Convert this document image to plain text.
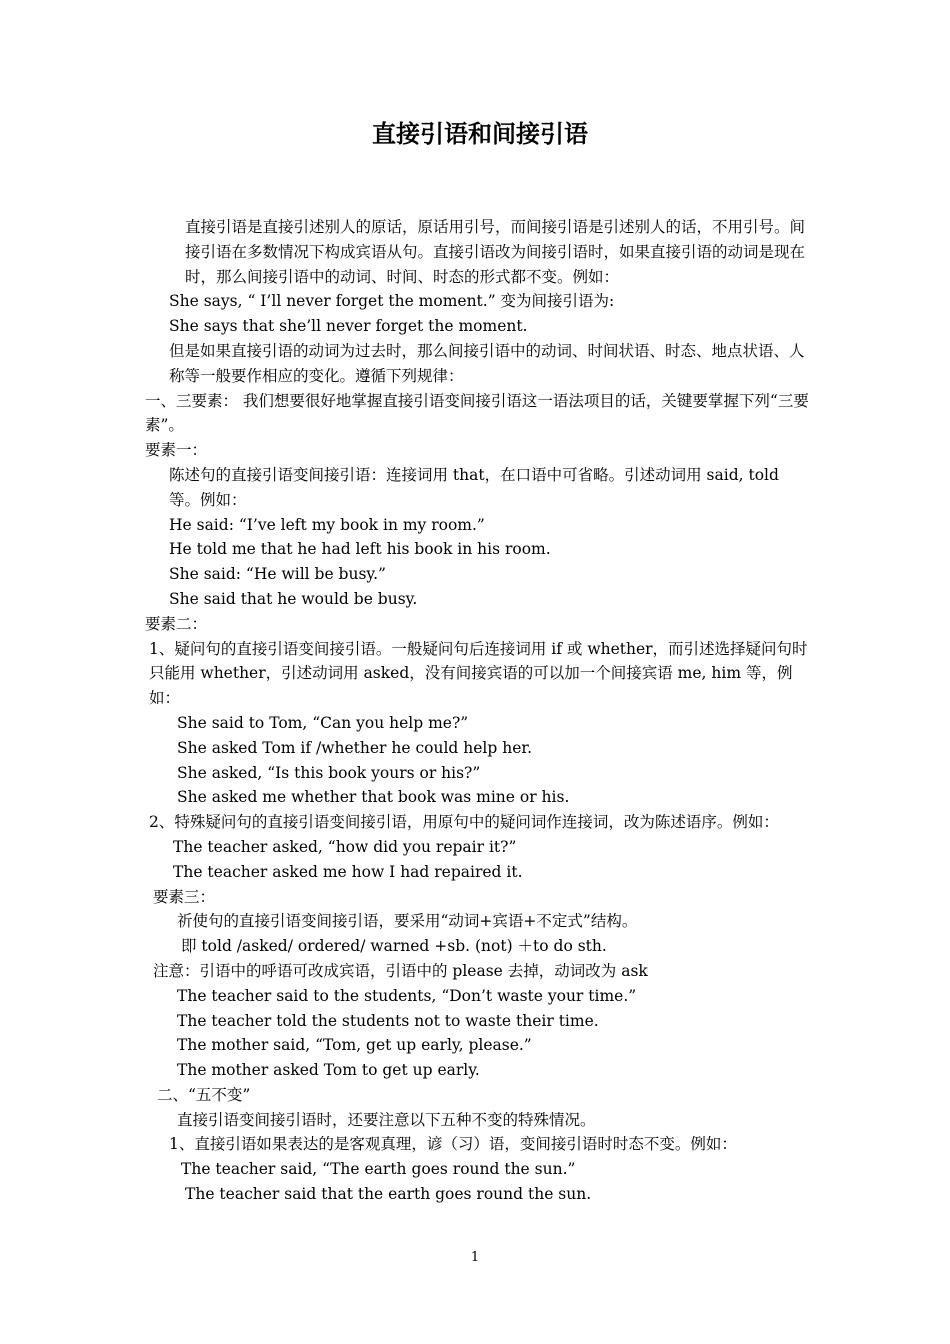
直接引语和间接引语
直接引语是直接引述别人的原话，原话用引号，而间接引语是引述别人的话，不用引号。间接引语在多数情况下构成宾语从句。直接引语改为间接引语时，如果直接引语的动词是现在时，那么间接引语中的动词、时间、时态的形式都不变。例如：
She says, “ I’ll never forget the moment.” 变为间接引语为:
She says that she’ll never forget the moment.
但是如果直接引语的动词为过去时，那么间接引语中的动词、时间状语、时态、地点状语、人称等一般要作相应的变化。遵循下列规律：
一、三要素： 我们想要很好地掌握直接引语变间接引语这一语法项目的话，关键要掌握下列“三要素”。
要素一：
陈述句的直接引语变间接引语：连接词用 that，在口语中可省略。引述动词用 said, told 等。例如：
He said: “I’ve left my book in my room.”
He told me that he had left his book in his room.
She said: “He will be busy.”
She said that he would be busy.
要素二：
1、疑问句的直接引语变间接引语。一般疑问句后连接词用 if 或 whether，而引述选择疑问句时只能用 whether，引述动词用 asked，没有间接宾语的可以加一个间接宾语 me, him 等，例如：
She said to Tom, “Can you help me?”
She asked Tom if /whether he could help her.
She asked, “Is this book yours or his?”
She asked me whether that book was mine or his.
2、特殊疑问句的直接引语变间接引语，用原句中的疑问词作连接词，改为陈述语序。例如：
The teacher asked, “how did you repair it?”
The teacher asked me how I had repaired it.
要素三：
祈使句的直接引语变间接引语，要采用“动词+宾语+不定式”结构。
即 told /asked/ ordered/ warned +sb. (not) ＋to do sth.
注意：引语中的呼语可改成宾语，引语中的 please 去掉，动词改为 ask
The teacher said to the students, “Don’t waste your time.”
The teacher told the students not to waste their time.
The mother said, “Tom, get up early, please.”
The mother asked Tom to get up early.
二、“五不变”
直接引语变间接引语时，还要注意以下五种不变的特殊情况。
1、直接引语如果表达的是客观真理，谚（习）语，变间接引语时时态不变。例如：
The teacher said, “The earth goes round the sun.”
The teacher said that the earth goes round the sun.
1
